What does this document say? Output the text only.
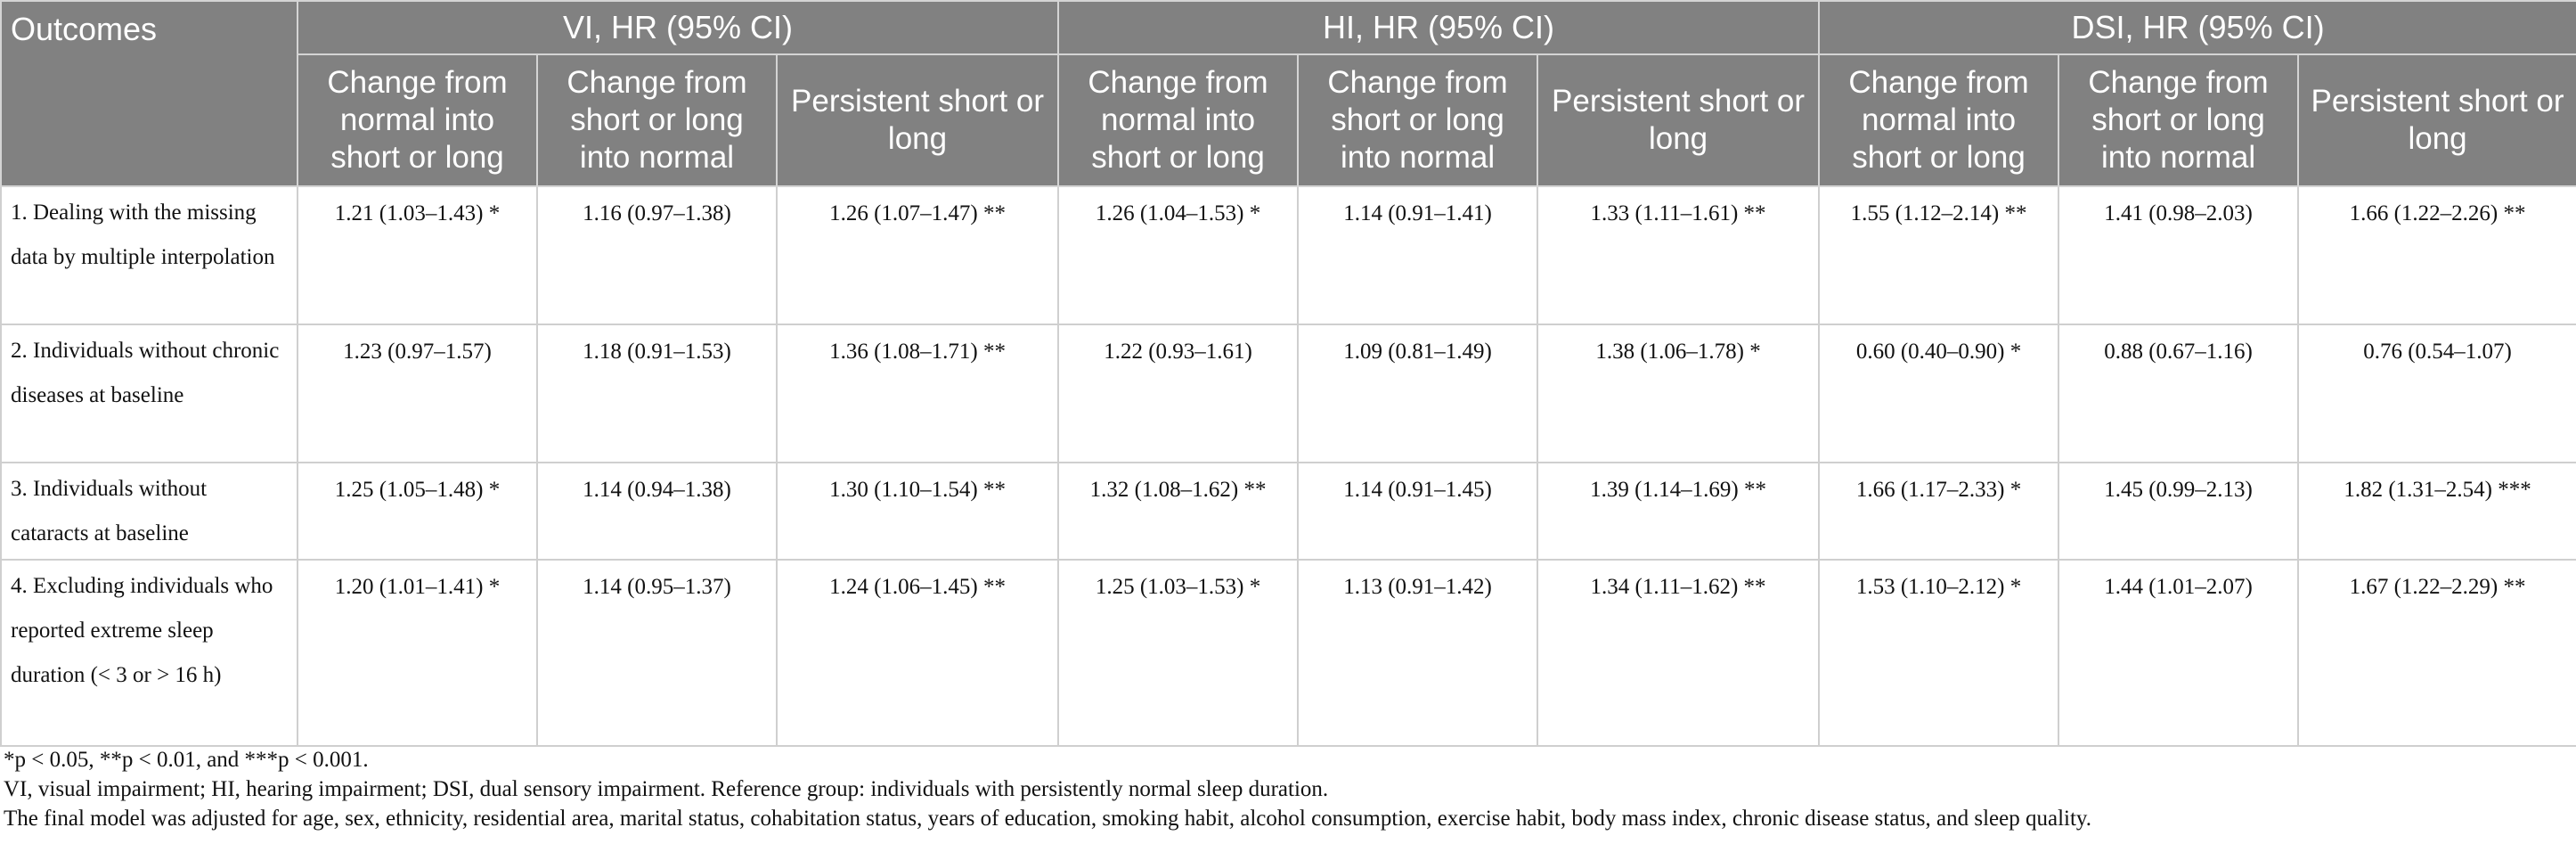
Outcomes	VI, HR (95% CI)			HI, HR (95% CI)			DSI, HR (95% CI)		
	Change from normal into short or long	Change from short or long into normal	Persistent short or long	Change from normal into short or long	Change from short or long into normal	Persistent short or long	Change from normal into short or long	Change from short or long into normal	Persistent short or long
1. Dealing with the missing data by multiple interpolation	1.21 (1.03–1.43) *	1.16 (0.97–1.38)	1.26 (1.07–1.47) **	1.26 (1.04–1.53) *	1.14 (0.91–1.41)	1.33 (1.11–1.61) **	1.55 (1.12–2.14) **	1.41 (0.98–2.03)	1.66 (1.22–2.26) **
2. Individuals without chronic diseases at baseline	1.23 (0.97–1.57)	1.18 (0.91–1.53)	1.36 (1.08–1.71) **	1.22 (0.93–1.61)	1.09 (0.81–1.49)	1.38 (1.06–1.78) *	0.60 (0.40–0.90) *	0.88 (0.67–1.16)	0.76 (0.54–1.07)
3. Individuals without cataracts at baseline	1.25 (1.05–1.48) *	1.14 (0.94–1.38)	1.30 (1.10–1.54) **	1.32 (1.08–1.62) **	1.14 (0.91–1.45)	1.39 (1.14–1.69) **	1.66 (1.17–2.33) *	1.45 (0.99–2.13)	1.82 (1.31–2.54) ***
4. Excluding individuals who reported extreme sleep duration (< 3 or > 16 h)	1.20 (1.01–1.41) *	1.14 (0.95–1.37)	1.24 (1.06–1.45) **	1.25 (1.03–1.53) *	1.13 (0.91–1.42)	1.34 (1.11–1.62) **	1.53 (1.10–2.12) *	1.44 (1.01–2.07)	1.67 (1.22–2.29) **
*p < 0.05, **p < 0.01, and ***p < 0.001.
VI, visual impairment; HI, hearing impairment; DSI, dual sensory impairment. Reference group: individuals with persistently normal sleep duration.
The final model was adjusted for age, sex, ethnicity, residential area, marital status, cohabitation status, years of education, smoking habit, alcohol consumption, exercise habit, body mass index, chronic disease status, and sleep quality.
